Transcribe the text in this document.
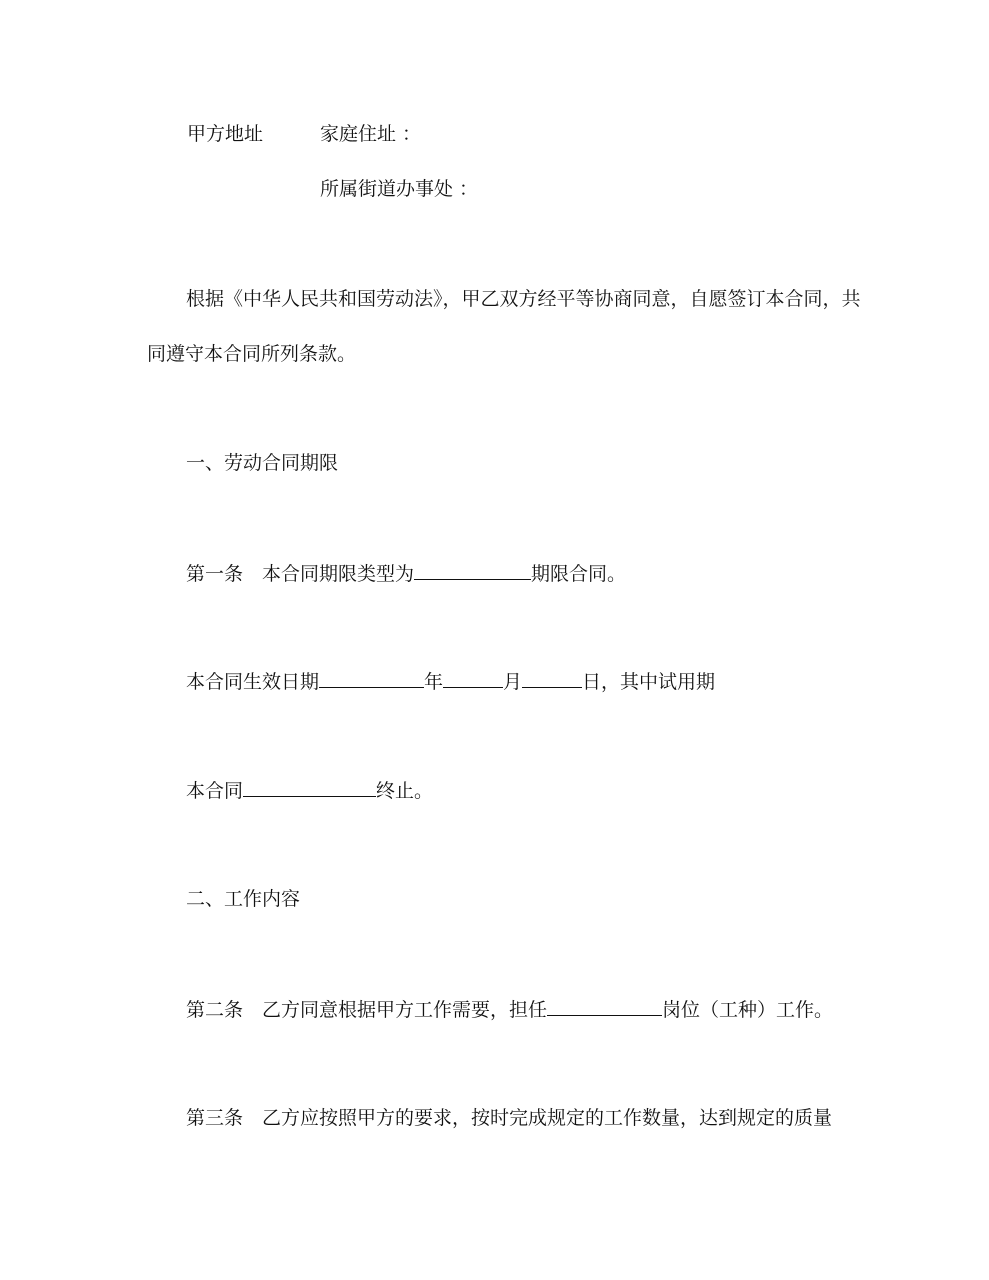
甲方地址	家庭住址 ：
所属街道办事处 ：
根据《中华人民共和国劳动法》，甲乙双方经平等协商同意，自愿签订本合同，共
同遵守本合同所列条款。
一、劳动合同期限
第一条 本合同期限类型为	期限合同。
本合同生效日期	年	月	日，其中试用期
本合同	终止。
二、工作内容
第二条 乙方同意根据甲方工作需要，担任	岗位（工种）工作。
第三条 乙方应按照甲方的要求，按时完成规定的工作数量，达到规定的质量
